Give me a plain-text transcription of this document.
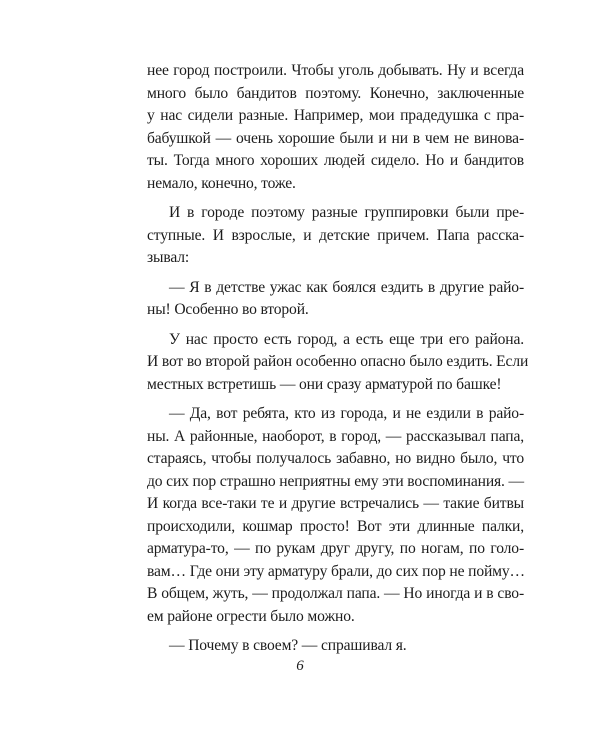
нее город построили. Чтобы уголь добывать. Ну и всегда
много было бандитов поэтому. Конечно, заключенные
у нас сидели разные. Например, мои прадедушка с пра-
бабушкой — очень хорошие были и ни в чем не винова-
ты. Тогда много хороших людей сидело. Но и бандитов
немало, конечно, тоже.
И в городе поэтому разные группировки были пре-
ступные. И взрослые, и детские причем. Папа расска-
зывал:
— Я в детстве ужас как боялся ездить в другие райо-
ны! Особенно во второй.
У нас просто есть город, а есть еще три его района.
И вот во второй район особенно опасно было ездить. Если
местных встретишь — они сразу арматурой по башке!
— Да, вот ребята, кто из города, и не ездили в райо-
ны. А районные, наоборот, в город, — рассказывал папа,
стараясь, чтобы получалось забавно, но видно было, что
до сих пор страшно неприятны ему эти воспоминания. —
И когда все-таки те и другие встречались — такие битвы
происходили, кошмар просто! Вот эти длинные палки,
арматура-то, — по рукам друг другу, по ногам, по голо-
вам… Где они эту арматуру брали, до сих пор не пойму…
В общем, жуть, — продолжал папа. — Но иногда и в сво-
ем районе огрести было можно.
— Почему в своем? — спрашивал я.
6
